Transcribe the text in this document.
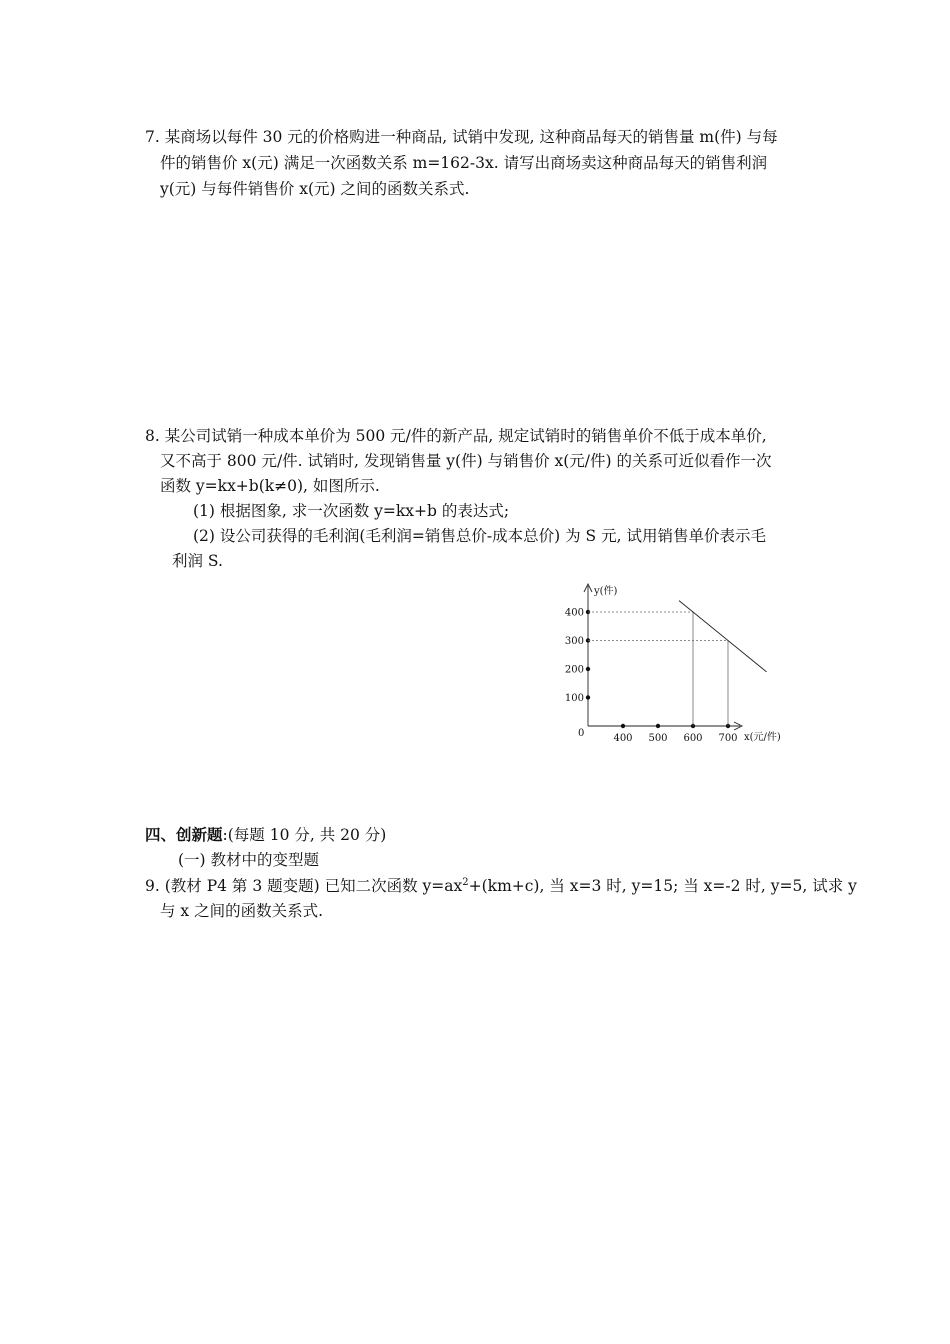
7. 某商场以每件 30 元的价格购进一种商品, 试销中发现, 这种商品每天的销售量 m(件) 与每
件的销售价 x(元) 满足一次函数关系 m=162-3x. 请写出商场卖这种商品每天的销售利润
y(元) 与每件销售价 x(元) 之间的函数关系式.
8. 某公司试销一种成本单价为 500 元/件的新产品, 规定试销时的销售单价不低于成本单价,
又不高于 800 元/件. 试销时, 发现销售量 y(件) 与销售价 x(元/件) 的关系可近似看作一次
函数 y=kx+b(k≠0), 如图所示.
(1) 根据图象, 求一次函数 y=kx+b 的表达式;
(2) 设公司获得的毛利润(毛利润=销售总价-成本总价) 为 S 元, 试用销售单价表示毛
利润 S.
y(件)
x(元/件)
0	400 500 600 700
100
200
300
400
四、创新题:(每题 10 分, 共 20 分)
(一) 教材中的变型题
9. (教材 P4 第 3 题变题) 已知二次函数 $y=ax^2+(km+c)$, 当 x=3 时, y=15; 当 x=-2 时, y=5, 试求 y
与 x 之间的函数关系式.
